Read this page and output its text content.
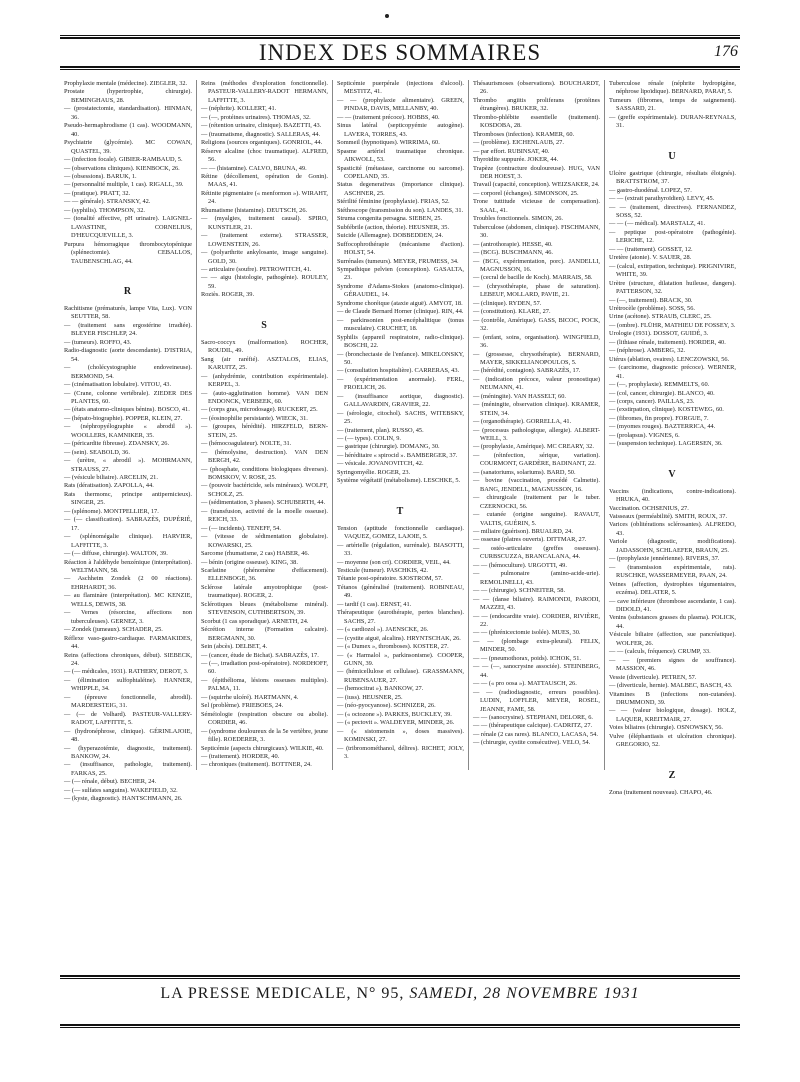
INDEX DES SOMMAIRES	176
Prophylaxie mentale (médecine). ZIEGLER, 32.
Prostate (hypertrophie, chirurgie). BEMINGHAUS, 28.
— (prostatectomie, standardisation). HINMAN, 36.
Pseudo-hermaphrodisme (1 cas). WOODMANN, 40.
Psychiatrie (glycémie). MC COWAN, QUASTEL, 39.
— (infection focale). GIBIER-RAMBAUD, 5.
— (observations cliniques). KIENBOCK, 26.
— (obsessions). BARUK, 1.
— (personnalité multiple, 1 cas). RIGALL, 39.
— (pratique). PRATT, 32.
— — générale). STRANSKY, 42.
— (syphilis). THOMPSON, 32.
— (tonalité affective, pH urinaire). LAIGNEL-LAVASTINE, CORNELIUS, D'HEUCQUEVILLE, 3.
Purpura hémorragique thrombocytopénique (splénectomie). CEBALLOS, TAUBENSCHLAG, 44.
R
Rachitisme (prématurés, lampe Vita, Lux). VON SEUTTER, 58.
— (traitement sans ergostérine irradiée). BLEYER FISCHLEP, 24.
— (tumeurs). ROFFO, 43.
Radio-diagnostic (aorte descendante). D'ISTRIA, 54.
— (cholécystographie endoveineuse). BERMOND, 54.
— (cinématisation lobulaire). VITOU, 43.
— (Crane, colonne vertébrale). ZIEDER DES PLANTES, 60.
— (états anatomo-cliniques bénins). BOSCO, 41.
— (hépato-biographie). POPPER, KLEIN, 27.
— (néphropyélographie « abrodil »). WOOLLERS, KAMNIKER, 35.
— (péricardite fibreuse). ZDANSKY, 26.
— (sein). SEABOLD, 36.
— (urètre, « abrodil »). MOHRMANN, STRAUSS, 27.
— (vésicule biliaire). ARCELIN, 21.
Rats (dératisation). ZAPOLLA, 44.
Rats thermomc, principe antipernicieux). SINGER, 25.
— (splénome). MONTPELLIER, 17.
— (— classification). SABRAZÈS, DUPÉRIÉ, 17.
— (splénomégalie clinique). HARVIER, LAFFITTE, 3.
— (— diffuse, chirurgie). WALTON, 39.
Réaction à l'aldéhyde benzénique (interprétation). WELTMANN, 58.
— Aschheim Zondek (2 00 réactions). EHRHARDT, 36.
— au flaminàre (interprétation). MC KENZIE, WELLS, DEWIS, 38.
— Vernes (résorcine, affections non tuberculeuses). GERNEZ, 3.
— Zondek (jumeaux). SCHADER, 25.
Réflexe vaso-gastro-cardiaque. FARMAKIDES, 44.
Reins (affections chroniques, début). SIEBECK, 24.
— (— médicales, 1931). RATHERY, DEROT, 3.
— (élimination sulfophtaléine). HANNER, WHIPPLE, 34.
— (épreuve fonctionnelle, abrodil). MARDERSTEIG, 31.
— (— de Volhard). PASTEUR-VALLERY-RADOT, LAFFITTE, 5.
— (hydronéphrose, clinique). GÉRINLAJOIE, 48.
— (hyperazotémie, diagnostic, traitement). BANKOW, 24.
— (insuffisance, pathologie, traitement). FARKAS, 25.
— (— rénale, début). BECHER, 24.
— (— sulfates sanguins). WAKEFIELD, 32.
— (kyste, diagnostic). HANTSCHMANN, 26.
Reins (méthodes d'exploration fonctionnelle). PASTEUR-VALLERY-RADOT HERMANN, LAFFITTE, 3.
— (néphrite). KOLLERT, 41.
— (—, protéines urinaires). THOMAS, 32.
— (rétention urinaire, clinique). BAZETTI, 43.
— (traumatisme, diagnostic). SALLERAS, 44.
Religions (sources organiques). GONRIOL, 44.
Réserve alcaline (choc traumatique). ALFRED, 56.
— — (histamine). CALVO, BRUNA, 49.
Rétine (décollement, opération de Gonin). MAAS, 41.
Rétinite pigmentaire (« menformon »). WIRAHT, 24.
Rhumatisme (histamine). DEUTSCH, 26.
— (myalgies, traitement causal). SPIRO, KUNSTLER, 21.
— (traitement externe). STRASSER, LOWENSTEIN, 26.
— (polyarthrite ankylosante, image sanguine). GOLD, 30.
— articulaire (soufre). PETROWITCH, 41.
— — aigu (histologie, pathogénie). ROULEY, 59.
Roziès. ROGER, 39.
S
Sacro-coccyx (malformation). ROCHER, ROUDIL, 49.
Sang (air raréfié). ASZTALOS, ELIAS, KARUITZ, 25.
— (anhydrémie, contribution expérimentale). KERPEL, 3.
— (auto-agglutination homme). VAN DEN ENDONCK, VERBEEK, 60.
— (corps gras, microdosage). RUCKERT, 25.
— (éosinophilie persistante). WIECK, 31.
— (groupes, hérédité). HIRZFELD, BERN-STEIN, 25.
— (hémocoagulateur). NOLTE, 31.
— (hémolysine, destruction). VAN DEN BERGH, 42.
— (phosphate, conditions biologiques diverses). BOMSKOV, V. ROSE, 25.
— (pouvoir bactéricide, sels minéraux). WOLFF, SCHOLZ, 25.
— (sédimentation, 3 phases). SCHUBERTH, 44.
— (transfusion, activité de la moelle osseuse). REICH, 33.
— (— incidents). TENEFF, 54.
— (vitesse de sédimentation globulaire). KOWARSKI, 25.
Sarcome (rhumatisme, 2 cas) HABER, 46.
— bénin (origine osseuse). KING, 38.
Scarlatine (phénomène d'effacement). ELLENBOGE, 36.
Sclérose latérale amyotrophique (post-traumatique). ROGER, 2.
Sclérotiques bleues (métabolisme minéral). STEVENSON, CUTHBERTSON, 39.
Scorbut (1 cas sporadique). ARNETH, 24.
Sécrétion interne (Formation calcaire). BERGMANN, 30.
Sein (abcès). DELBET, 4.
— (cancer, étude de Bichat). SABRAZÈS, 17.
— (—, irradiation post-opératoire). NORDHOFF, 60.
— (épithélioma, lésions osseuses multiples). PALMA, 11.
— (squirrhe ulcéré). HARTMANN, 4.
Sel (problème). FRIEBOES, 24.
Séméiologie (respiration obscure ou abolie). CORDIER, 46.
— (syndrome douloureux de la 5e vertèbre, jeune fille). ROEDERER, 3.
Septicémie (aspects chirurgicaux). WILKIE, 40.
— (traitement). HORDER, 40.
— chroniques (traitement). BOTTNER, 24.
Septicémie puerpérale (injections d'alcool). MESTITZ, 41.
— — (prophylaxie alimentaire). GREEN, PINDAR, DAVIS, MELLANBY, 40.
— — (traitement précoce). HOBBS, 40.
Sinus latéral (septicopyémie autogène). LAVERA, TORRES, 43.
Sommeil (hypnotiques). WIRRIMA, 60.
Spasme artériel traumatique chronique. AIKWOLL, 53.
Spasticité (métastase, carcinome ou sarcome). COPELAND, 35.
Status degenerativus (importance clinique). ASCHNER, 25.
Stérilité féminine (prophylaxie). FRIAS, 52.
Stéthoscope (transmission du son). LANDES, 31.
Struma congenita persagna. SIEBEN, 25.
Subfébrile (action, théorie). HEUSNER, 35.
Suicide (Allemagne). DOBBEDDEN, 24.
Suffocophrothérapie (mécanisme d'action). HOLST, 54.
Surrénales (tumeurs). MEYER, FRUMESS, 34.
Sympathique pelvien (conception). GASALTA, 23.
Syndrome d'Adams-Stokes (anatomo-clinique). GÉRAUDEL, 14.
Syndrome choréique (ataxie aiguë). AMYOT, 18.
— de Claude Bernard Horner (clinique). RIN, 44.
— parkinsonien post-encéphalitique (tonus musculaire). CRUCHET, 18.
Syphilis (appareil respiratoire, radio-clinique). BOSCHI, 22.
— (bronchectasie de l'enfance). MIKELONSKY, 50.
— (consultation hospitalière). CARRERAS, 43.
— (expérimentation anormale). FERL, FROELICH, 26.
— (insuffisance aortique, diagnostic). GALLAVARDIN, GRAVIER, 22.
— (sérologie, citochol). SACHS, WITEBSKY, 25.
— (traitement, plan). RUSSO, 45.
— (— types). COLIN, 9.
— gastrique (chirurgie). DOMANG, 30.
— héréditaire « spirocid ». BAMBERGER, 37.
— vésicale. JOVANOVITCH, 42.
Syringomyélie. ROGER, 23.
Système végétatif (métabolisme). LESCHKE, 5.
T
Tension (aptitude fonctionnelle cardiaque). VAQUEZ, GOMEZ, LAJOIE, 5.
— artérielle (régulation, surrénale). BIASOTTI, 33.
— moyenne (son cri). CORDIER, VEIL, 44.
Testicule (tumeur). PASCHKIS, 42.
Tétanie post-opératoire. SJOSTROM, 57.
Tétanos (généralisé (traitement). ROBINEAU, 49.
— tardif (1 cas). ERNST, 41.
Thérapeutique (aurothérapie, pertes blanches). SACHS, 27.
— (« cardiozol »). JAENSCKE, 26.
— (cystite aiguë, alcalins). HRYNTSCHAK, 26.
— (« Dumex », thromboses). KOSTER, 27.
— (« Harmalol », parkinsonisme). COOPER, GUNN, 39.
— (hémicellulose et cellulase). GRASSMANN, RUBENSAUER, 27.
— (hemocitrat »). BANKOW, 27.
— (iuss). HEUSNER, 25.
— (néo-pyocyanose). SCHNIZER, 26.
— (« octozone »). PARKES, BUCKLEY, 39.
— (« pectovit ». WALDEYER, MINDER, 26.
— (« sistomensin », doses massives). KOMINSKI, 27.
— (tribromométhanol, délires). RICHET, JOLY, 3.
Thésaurismoses (observations). BOUCHARDT, 26.
Thrombo angiitis proliferans (protéines étrangères). BRUKER, 32.
Thrombo-phlébite essentielle (traitement). KOSDOBA, 28.
Thromboses (infection). KRAMER, 60.
— (problème). EICHENLAUB, 27.
— par effort. RUBINSAT, 40.
Thyroïdite suppurée. JOKER, 44.
Trapèze (contracture douloureuse). HUG, VAN DER HOEST, 3.
Travail (capacité, conception). WEIZSAKER, 24.
— corporel (échanges). SIMONSON, 25.
Trone tuttitude vicieuse de compensation). SAAL, 41.
Troubles fonctionnels. SIMON, 26.
Tuberculose (abdomen, clinique). FISCHMANN, 30.
— (antrothorapie). HESSE, 40.
— (BCG). BUSCHMANN, 46.
— (BCG, expérimentation, porc). JANDELLI, MAGNUSSON, 16.
— (cecral de bacille de Koch). MARRAIS, 58.
— (chrysothérapie, phase de saturation). LEBEUF, MOLLARD, PAVIE, 21.
— (clinique). RYDEN, 57.
— (constitution). KLARE, 27.
— (contrôle, Amérique). GASS, BICOC, POCK, 32.
— (enfant, soins, organisation). WINGFIELD, 36.
— (grossesse, chrysothérapie). BERNARD, MAYER, SIKKELIANOPOULOS, 5.
— (hérédité, contagion). SABRAZÈS, 17.
— (indication précoce, valeur pronostique) NEUMANN, 41.
— (méningite). VAN HASSELT, 60.
— (méningite, observation clinique). KRAMER, STEIN, 34.
— (organothérapie). GORRELLA, 41.
— (processus pathologique, allergie). ALBERT-WEILL, 3.
— (prophylaxie, Amérique). MC CREARY, 32.
— (réinfection, sérique, variation). COURMONT, GARDÈRE, BADINANT, 22.
— (sanatoriums, solariums). BARD, 50.
— bovine (vaccination, procédé Calmette). BANG, JENDELL, MAGNUSSON, 16.
— chirurgicale (traitement par le tuber. CZERNOCKI, 56.
— cutanée (origine sanguine). RAVAUT, VALTIS, GUÉRIN, 5.
— miliaire (guérison). BRUALRD, 24.
— osseuse (platres ouverts). DITTMAR, 27.
— ostéo-articulaire (greffes osseuses). CURBSCUZZA, BRANCALANA, 44.
— — (hémoculture). URGOTTI, 49.
— pulmonaire (amino-acide-urie). REMOLINELLI, 43.
— — (chirurgie). SCHNEITER, 58.
— — (danse biliaire). RAIMONDI, PARODI, MAZZEI, 43.
— — (endocardite vraie). CORDIER, RIVIÈRE, 22.
— — (phrénicectomie isolée). MUES, 30.
— — (plombage extra-pleural). FELIX, MINDER, 50.
— — (pneumothorax, poids). ICHOK, 51.
— — (—, sanocrysine associée). STEINBERG, 44.
— — (« pro oosa »). MATTAUSCH, 26.
— — (radiodiagnostic, erreurs possibles). LUDIN, LOFFLER, MEYER, ROSEL, JEANNE, FAME, 58.
— — (sanocrysine). STEPHANI, DELORE, 6.
— — (thérapeutique calcique). CADRITZ, 27.
— rénale (2 cas rares). BLANCO, LACASA, 54.
— (chirurgie, cystite consécutive). VELO, 54.
Tuberculose rénale (néphrite hydropigène, néphrose lipoïdique). BERNARD, PARAF, 5.
Tumeurs (fibromes, temps de saignement). SASSARD, 21.
— (greffe expérimentale). DURAN-REYNALS, 31.
U
Ulcère gastrique (chirurgie, résultats éloignés). BRATTSTROM, 37.
— gastro-duodénal. LOPEZ, 57.
— — (extrait parathyroïdien). LEVY, 45.
— — (traitement, directives). FERNANDEZ, SOSS, 52.
— — (— médical). MARSTALZ, 41.
— peptique post-opératoire (pathogénie). LERICHE, 12.
— — (traitement). GOSSET, 12.
Uretère (atonie). V. SAUER, 28.
— (calcul, extirpation, technique). PRIGNIVIRE, WHITE, 39.
Urètre (structure, dilatation huileuse, dangers). PATTERSON, 32.
— (—, traitement). BRACK, 30.
Urétrocèle (problème). SOSS, 56.
Urine (acétone). STRAUB, CLERC, 25.
— (ombre). FLÜHR, MATHIEU DE FOSSEY, 3.
Urologie (1931). DOSSOT, GUIDÉ, 3.
— (lithiase rénale, traitement). HORDER, 40.
— (néphrose). AMBERG, 32.
Utérus (ablation, ovaires). LENCZOWSKI, 56.
— (carcinome, diagnostic précoce). WERNER, 41.
— (—, prophylaxie). REMMELTS, 60.
— (col, cancer, chirurgie). BLANCO, 40.
— (corps, cancer). PAILLAS, 23.
— (exstirpation, clinique). KOSTEWEG, 60.
— (fibromes, fin propre). FORGUE, 7.
— (myomes rouges). BAZTERRICA, 44.
— (prolapsus). VIGNES, 6.
— (suspension technique). LAGERSEN, 36.
V
Vaccins (indications, contre-indications). HRUKA, 40.
Vaccination. OCHSENIUS, 27.
Vaisseaux (perméabilité). SMITH, ROUX, 37.
Varices (oblitérations sclérosantes). ALFREDO, 43.
Variole (diagnostic, modifications). JADASSOHN, SCHLAEFER, BRAUN, 25.
— (prophylaxie jennérienne). RIVERS, 37.
— (transmission expérimentale, rats). RUSCHKE, WASSERMEYER, PAAN, 24.
Veines (affection, dystrophies tégumentaires, eczéma). DELATER, 5.
— cave inférieure (thrombose ascendante, 1 cas). DIDOLD, 41.
Venins (substances grasses du plasma). POLICK, 44.
Vésicule biliaire (affection, sue pancréatique). WOLFER, 26.
— — (calculs, fréquence). CRUMP, 33.
— — (premiers signes de souffrance). MASSION, 46.
Vessie (diverticule). PETREN, 57.
— (diverticule, hernie). MALBEC, BASCH, 43.
Vitamines B (infections non-cutanées). DRUMMOND, 39.
— — (valeur biologique, dosage). HOLZ, LAQUER, KREITMAIR, 27.
Voies biliaires (chirurgie). OSNOWSKY, 56.
Vulve (éléphantiasis et ulcération chronique). GREGORIO, 52.
Z
Zona (traitement nouveau). CHAPO, 46.
LA PRESSE MEDICALE, N° 95, SAMEDI, 28 NOVEMBRE 1931
